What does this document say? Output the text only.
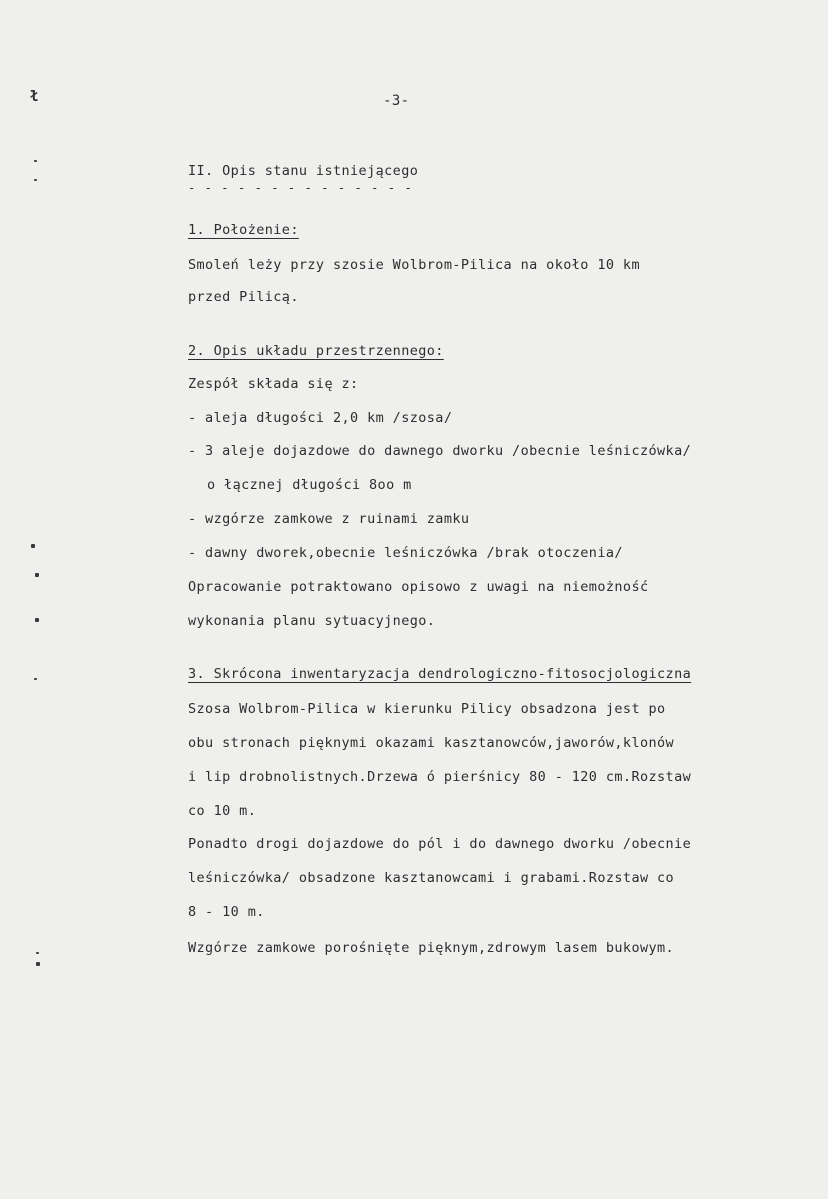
ł	-3-
II. Opis stanu istniejącego
- - - - - - - - - - - - - -
1. Położenie:
Smoleń leży przy szosie Wolbrom-Pilica na około 10 km
przed Pilicą.
2. Opis układu przestrzennego:
Zespół składa się z:
- aleja długości 2,0 km /szosa/
- 3 aleje dojazdowe do dawnego dworku /obecnie leśniczówka/
o łącznej długości 8oo m
- wzgórze zamkowe z ruinami zamku
- dawny dworek,obecnie leśniczówka /brak otoczenia/
Opracowanie potraktowano opisowo z uwagi na niemożność
wykonania planu sytuacyjnego.
3. Skrócona inwentaryzacja dendrologiczno-fitosocjologiczna
Szosa Wolbrom-Pilica w kierunku Pilicy obsadzona jest po
obu stronach pięknymi okazami kasztanowców,jaworów,klonów
i lip drobnolistnych.Drzewa ó pierśnicy 80 - 120 cm.Rozstaw
co 10 m.
Ponadto drogi dojazdowe do pól i do dawnego dworku /obecnie
leśniczówka/ obsadzone kasztanowcami i grabami.Rozstaw co
8 - 10 m.
Wzgórze zamkowe porośnięte pięknym,zdrowym lasem bukowym.
